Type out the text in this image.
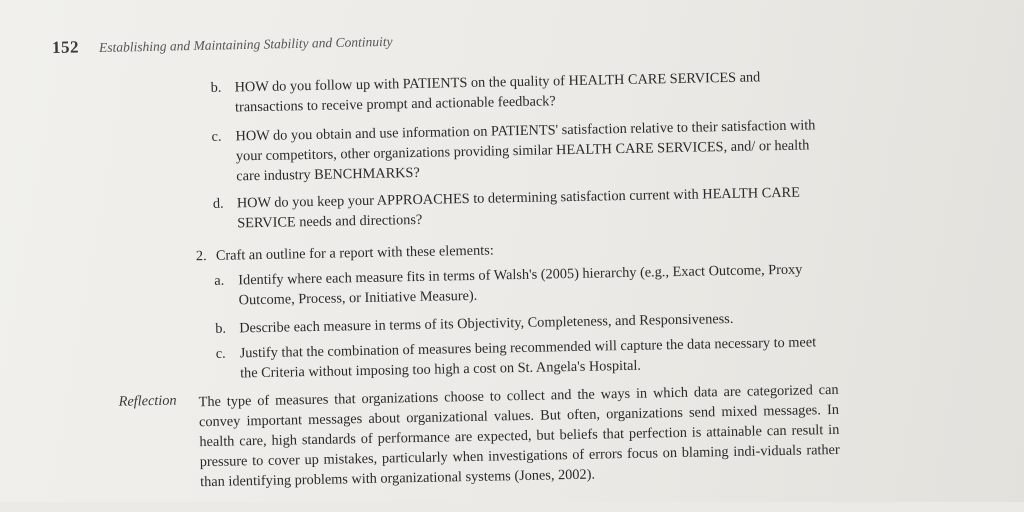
152 Establishing and Maintaining Stability and Continuity
b. HOW do you follow up with PATIENTS on the quality of HEALTH CARE SERVICES and transactions to receive prompt and actionable feedback?
c. HOW do you obtain and use information on PATIENTS' satisfaction relative to their satisfaction with your competitors, other organizations providing similar HEALTH CARE SERVICES, and/ or health care industry BENCHMARKS?
d. HOW do you keep your APPROACHES to determining satisfaction current with HEALTH CARE SERVICE needs and directions?
2. Craft an outline for a report with these elements:
a. Identify where each measure fits in terms of Walsh's (2005) hierarchy (e.g., Exact Outcome, Proxy Outcome, Process, or Initiative Measure).
b. Describe each measure in terms of its Objectivity, Completeness, and Responsiveness.
c. Justify that the combination of measures being recommended will capture the data necessary to meet the Criteria without imposing too high a cost on St. Angela's Hospital.
Reflection The type of measures that organizations choose to collect and the ways in which data are categorized can convey important messages about organizational values. But often, organizations send mixed messages. In health care, high standards of performance are expected, but beliefs that perfection is attainable can result in pressure to cover up mistakes, particularly when investigations of errors focus on blaming indi-viduals rather than identifying problems with organizational systems (Jones, 2002).
